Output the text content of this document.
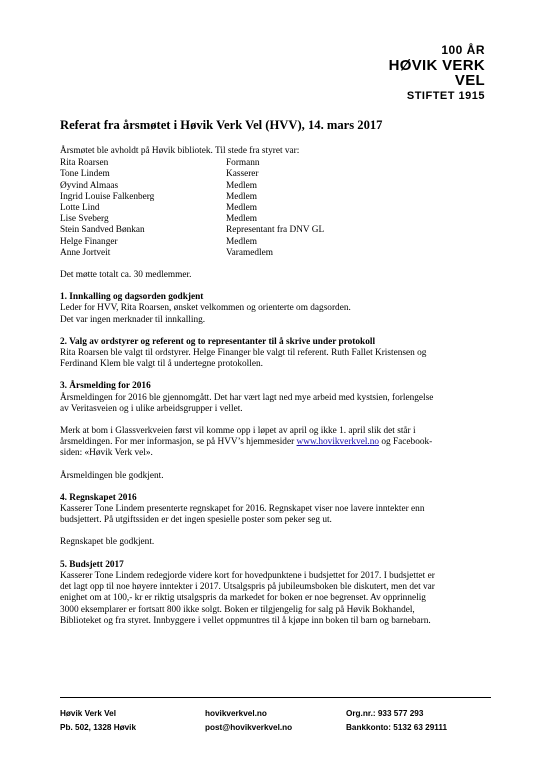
100 ÅR
HØVIK VERK VEL
STIFTET 1915
Referat fra årsmøtet i Høvik Verk Vel (HVV), 14. mars 2017

Årsmøtet ble avholdt på Høvik bibliotek. Til stede fra styret var:

Rita Roarsen	Formann
Tone Lindem	Kasserer
Øyvind Almaas	Medlem
Ingrid Louise Falkenberg	Medlem
Lotte Lind	Medlem
Lise Sveberg	Medlem
Stein Sandved Bønkan	Representant fra DNV GL
Helge Finanger	Medlem
Anne Jortveit	Varamedlem

Det møtte totalt ca. 30 medlemmer.

1. Innkalling og dagsorden godkjent

Leder for HVV, Rita Roarsen, ønsket velkommen og orienterte om dagsorden.

Det var ingen merknader til innkalling.

2. Valg av ordstyrer og referent og to representanter til å skrive under protokoll

Rita Roarsen ble valgt til ordstyrer. Helge Finanger ble valgt til referent. Ruth Fallet Kristensen og

Ferdinand Klem ble valgt til å undertegne protokollen.

3. Årsmelding for 2016

Årsmeldingen for 2016 ble gjennomgått. Det har vært lagt ned mye arbeid med kystsien, forlengelse

av Veritasveien og i ulike arbeidsgrupper i vellet.

Merk at bom i Glassverkveien først vil komme opp i løpet av april og ikke 1. april slik det står i

årsmeldingen. For mer informasjon, se på HVV’s hjemmesider www.hovikverkvel.no og Facebook-

siden: «Høvik Verk vel».

Årsmeldingen ble godkjent.

4. Regnskapet 2016

Kasserer Tone Lindem presenterte regnskapet for 2016. Regnskapet viser noe lavere inntekter enn

budsjettert. På utgiftssiden er det ingen spesielle poster som peker seg ut.

Regnskapet ble godkjent.

5. Budsjett 2017

Kasserer Tone Lindem redegjorde videre kort for hovedpunktene i budsjettet for 2017. I budsjettet er

det lagt opp til noe høyere inntekter i 2017. Utsalgspris på jubileumsboken ble diskutert, men det var

enighet om at 100,- kr er riktig utsalgspris da markedet for boken er noe begrenset. Av opprinnelig

3000 eksemplarer er fortsatt 800 ikke solgt. Boken er tilgjengelig for salg på Høvik Bokhandel,

Biblioteket og fra styret. Innbyggere i vellet oppmuntres til å kjøpe inn boken til barn og barnebarn.

Høvik Verk Vel
Pb. 502, 1328 Høvik
hovikverkvel.no
post@hovikverkvel.no
Org.nr.: 933 577 293
Bankkonto: 5132 63 29111
